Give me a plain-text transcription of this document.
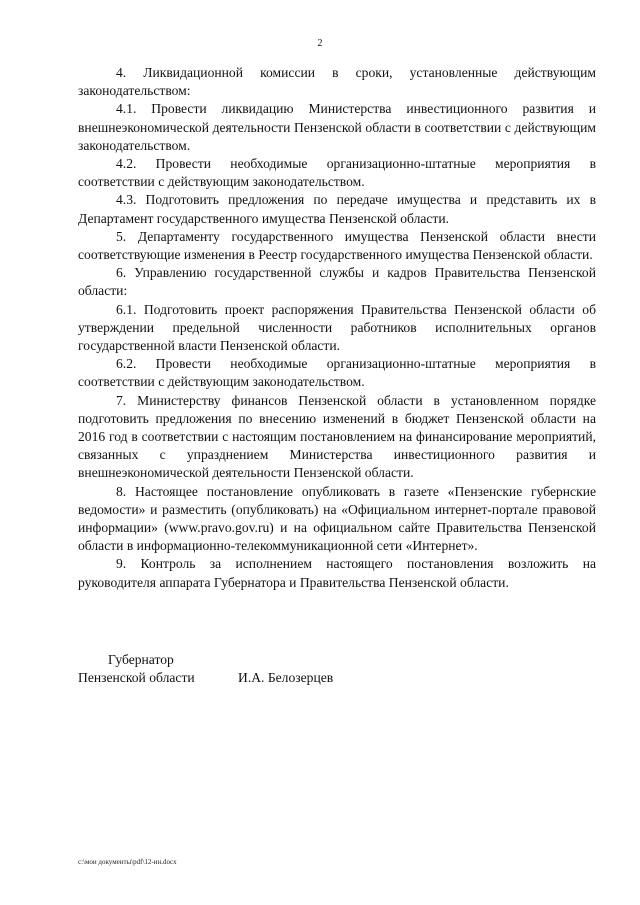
2

4. Ликвидационной комиссии в сроки, установленные действующим законодательством:

4.1. Провести ликвидацию Министерства инвестиционного развития и внешнеэкономической деятельности Пензенской области в соответствии с действующим законодательством.

4.2. Провести необходимые организационно-штатные мероприятия в соответствии с действующим законодательством.

4.3. Подготовить предложения по передаче имущества и представить их в Департамент государственного имущества Пензенской области.

5. Департаменту государственного имущества Пензенской области внести соответствующие изменения в Реестр государственного имущества Пензенской области.

6. Управлению государственной службы и кадров Правительства Пензенской области:

6.1. Подготовить проект распоряжения Правительства Пензенской области об утверждении предельной численности работников исполнительных органов государственной власти Пензенской области.

6.2. Провести необходимые организационно-штатные мероприятия в соответствии с действующим законодательством.

7. Министерству финансов Пензенской области в установленном порядке подготовить предложения по внесению изменений в бюджет Пензенской области на 2016 год в соответствии с настоящим постановлением на финансирование мероприятий, связанных с упразднением Министерства инвестиционного развития и внешнеэкономической деятельности Пензенской области.

8. Настоящее постановление опубликовать в газете «Пензенские губернские ведомости» и разместить (опубликовать) на «Официальном интернет-портале правовой информации» (www.pravo.gov.ru) и на официальном сайте Правительства Пензенской области в информационно-телекоммуникационной сети «Интернет».

9. Контроль за исполнением настоящего постановления возложить на руководителя аппарата Губернатора и Правительства Пензенской области.

Губернатор
Пензенской области	И.А. Белозерцев
c:\мои документы\pdf\12-ин.docx
